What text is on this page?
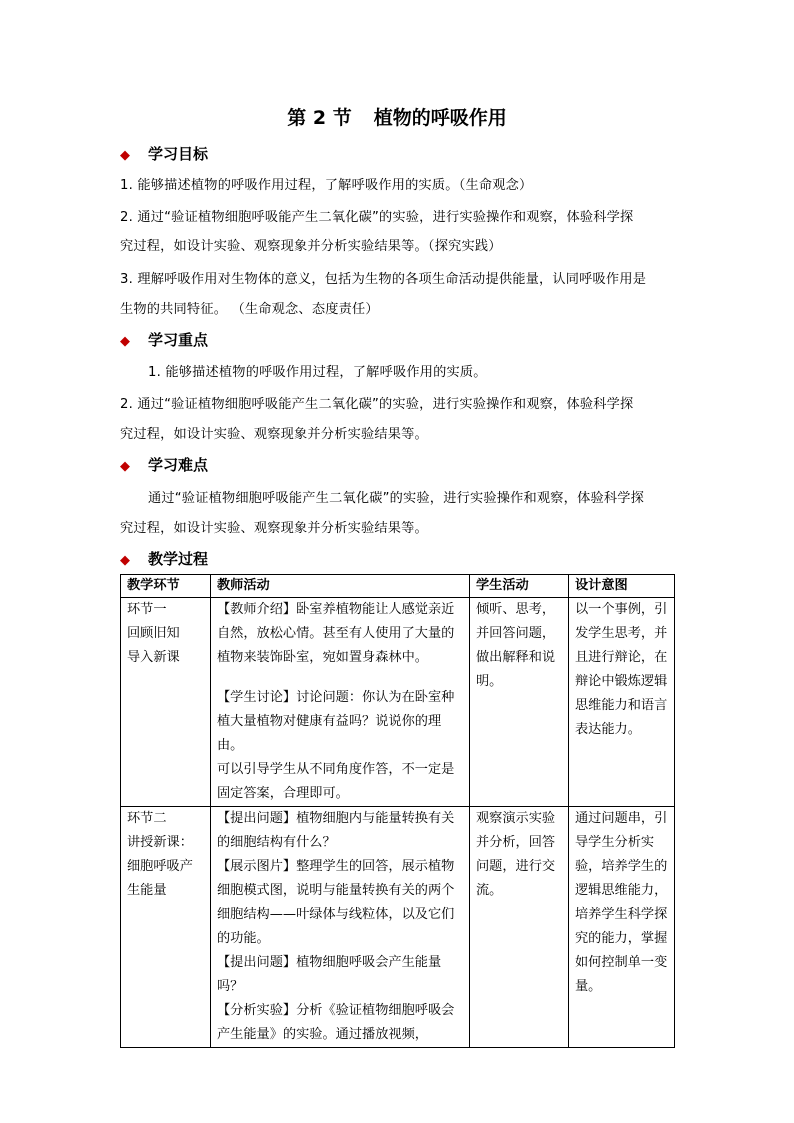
第 2 节 植物的呼吸作用
◆ 学习目标
1. 能够描述植物的呼吸作用过程，了解呼吸作用的实质。（生命观念）
2. 通过“验证植物细胞呼吸能产生二氧化碳”的实验，进行实验操作和观察，体验科学探
究过程，如设计实验、观察现象并分析实验结果等。（探究实践）
3. 理解呼吸作用对生物体的意义，包括为生物的各项生命活动提供能量，认同呼吸作用是
生物的共同特征。 （生命观念、态度责任）
◆ 学习重点
1. 能够描述植物的呼吸作用过程，了解呼吸作用的实质。
2. 通过“验证植物细胞呼吸能产生二氧化碳”的实验，进行实验操作和观察，体验科学探
究过程，如设计实验、观察现象并分析实验结果等。
◆ 学习难点
通过“验证植物细胞呼吸能产生二氧化碳”的实验，进行实验操作和观察，体验科学探
究过程，如设计实验、观察现象并分析实验结果等。
◆ 教学过程
教学环节	教师活动	学生活动	设计意图

环节一
回顾旧知
导入新课	【教师介绍】卧室养植物能让人感觉亲近自然，放松心情。甚至有人使用了大量的植物来装饰卧室，宛如置身森林中。
【学生讨论】讨论问题：你认为在卧室种植大量植物对健康有益吗？说说你的理由。
可以引导学生从不同角度作答，不一定是固定答案，合理即可。	倾听、思考，并回答问题，做出解释和说明。	以一个事例，引发学生思考，并且进行辩论，在辩论中锻炼逻辑思维能力和语言表达能力。

环节二
讲授新课：
细胞呼吸产
生能量	【提出问题】植物细胞内与能量转换有关的细胞结构有什么？
【展示图片】整理学生的回答，展示植物细胞模式图，说明与能量转换有关的两个细胞结构——叶绿体与线粒体，以及它们的功能。
【提出问题】植物细胞呼吸会产生能量吗？
【分析实验】分析《验证植物细胞呼吸会产生能量》的实验。通过播放视频，	观察演示实验并分析，回答问题，进行交流。	通过问题串，引导学生分析实验，培养学生的逻辑思维能力，培养学生科学探究的能力，掌握如何控制单一变量。
